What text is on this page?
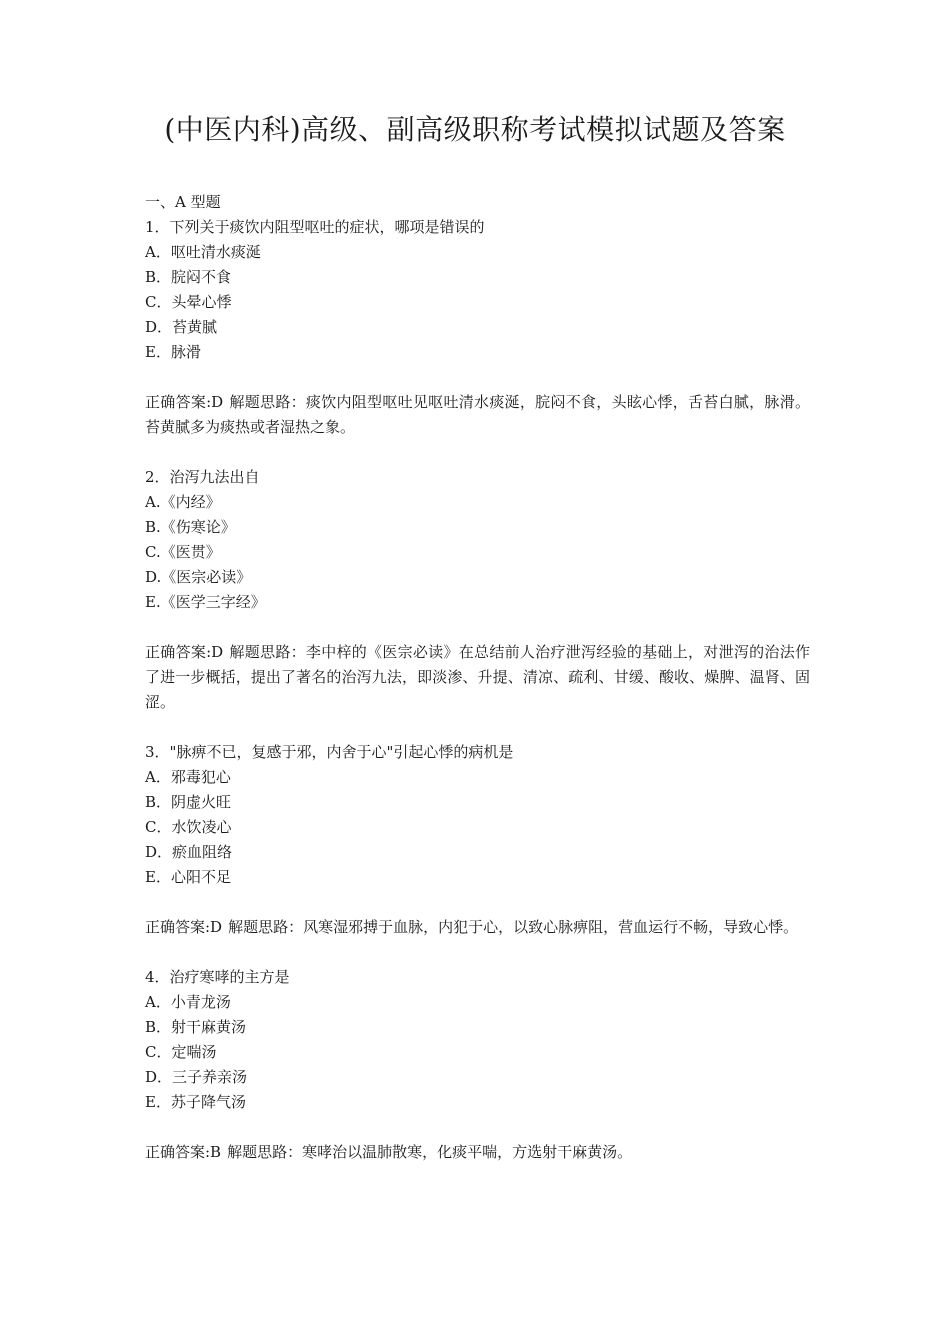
(中医内科)高级、副高级职称考试模拟试题及答案
一、A 型题
1．下列关于痰饮内阻型呕吐的症状，哪项是错误的
A．呕吐清水痰涎
B．脘闷不食
C．头晕心悸
D．苔黄腻
E．脉滑
正确答案:D 解题思路：痰饮内阻型呕吐见呕吐清水痰涎，脘闷不食，头眩心悸，舌苔白腻，脉滑。苔黄腻多为痰热或者湿热之象。
2．治泻九法出自
A.《内经》
B.《伤寒论》
C.《医贯》
D.《医宗必读》
E.《医学三字经》
正确答案:D 解题思路：李中梓的《医宗必读》在总结前人治疗泄泻经验的基础上，对泄泻的治法作了进一步概括，提出了著名的治泻九法，即淡渗、升提、清凉、疏利、甘缓、酸收、燥脾、温肾、固涩。
3．"脉痹不已，复感于邪，内舍于心"引起心悸的病机是
A．邪毒犯心
B．阴虚火旺
C．水饮凌心
D．瘀血阻络
E．心阳不足
正确答案:D 解题思路：风寒湿邪搏于血脉，内犯于心，以致心脉痹阻，营血运行不畅，导致心悸。
4．治疗寒哮的主方是
A．小青龙汤
B．射干麻黄汤
C．定喘汤
D．三子养亲汤
E．苏子降气汤
正确答案:B 解题思路：寒哮治以温肺散寒，化痰平喘，方选射干麻黄汤。
